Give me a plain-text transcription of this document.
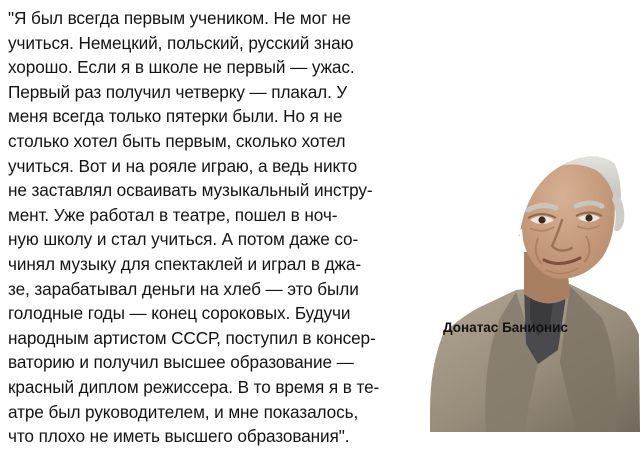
"Я был всегда первым учеником. Не мог не
учиться. Немецкий, польский, русский знаю
хорошо. Если я в школе не первый — ужас.
Первый раз получил четверку — плакал. У
меня всегда только пятерки были. Но я не
столько хотел быть первым, сколько хотел
учиться. Вот и на рояле играю, а ведь никто
не заставлял осваивать музыкальный инстру-
мент. Уже работал в театре, пошел в ноч-
ную школу и стал учиться. А потом даже со-
чинял музыку для спектаклей и играл в джа-
зе, зарабатывал деньги на хлеб — это были
голодные годы — конец сороковых. Будучи
народным артистом СССР, поступил в консер-
ваторию и получил высшее образование —
красный диплом режиссера. В то время я в те-
атре был руководителем, и мне показалось,
что плохо не иметь высшего образования".
Донатас Банионис
